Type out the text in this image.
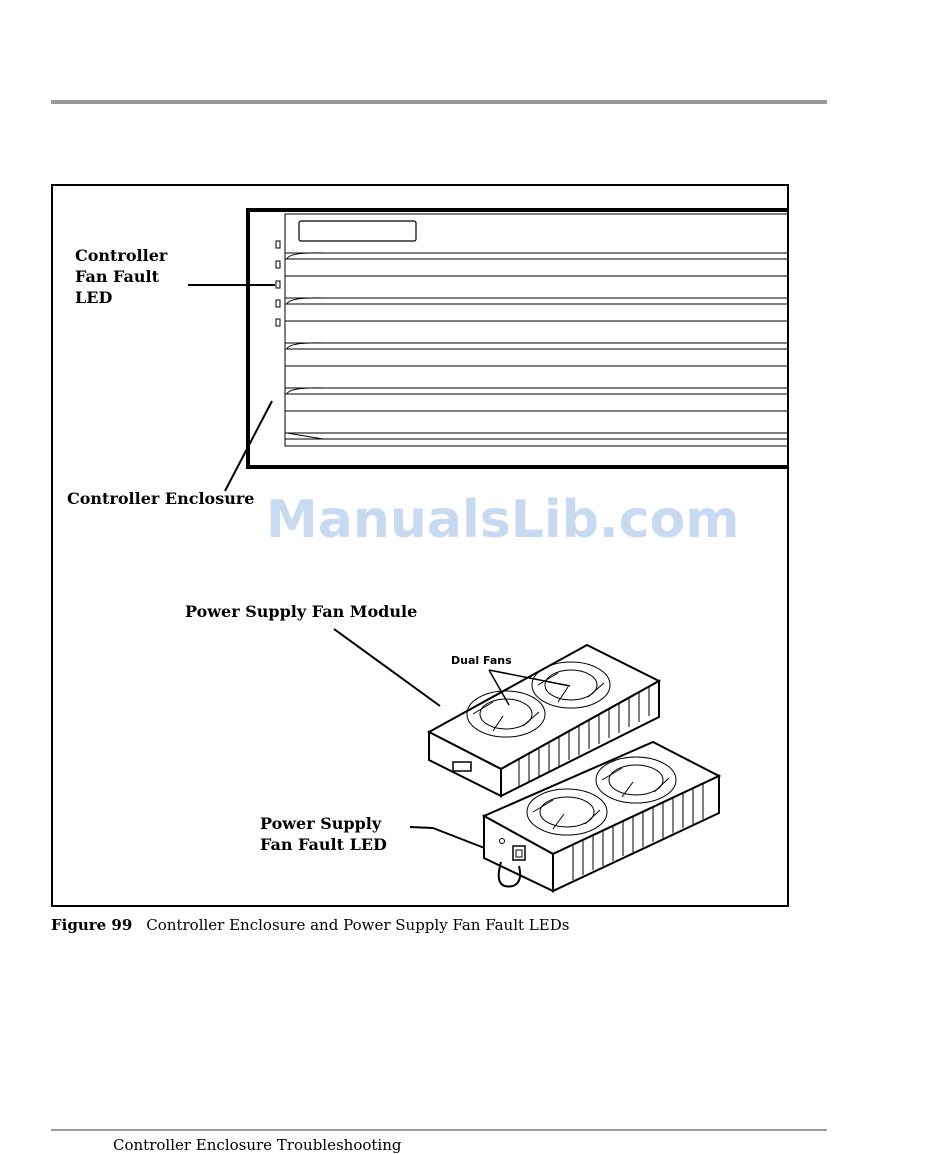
Controller
Fan Fault
LED
Controller Enclosure ManualsLib.com
Power Supply Fan Module
Dual Fans
Power Supply
Fan Fault LED
Figure 99 Controller Enclosure and Power Supply Fan Fault LEDs
Controller Enclosure Troubleshooting
